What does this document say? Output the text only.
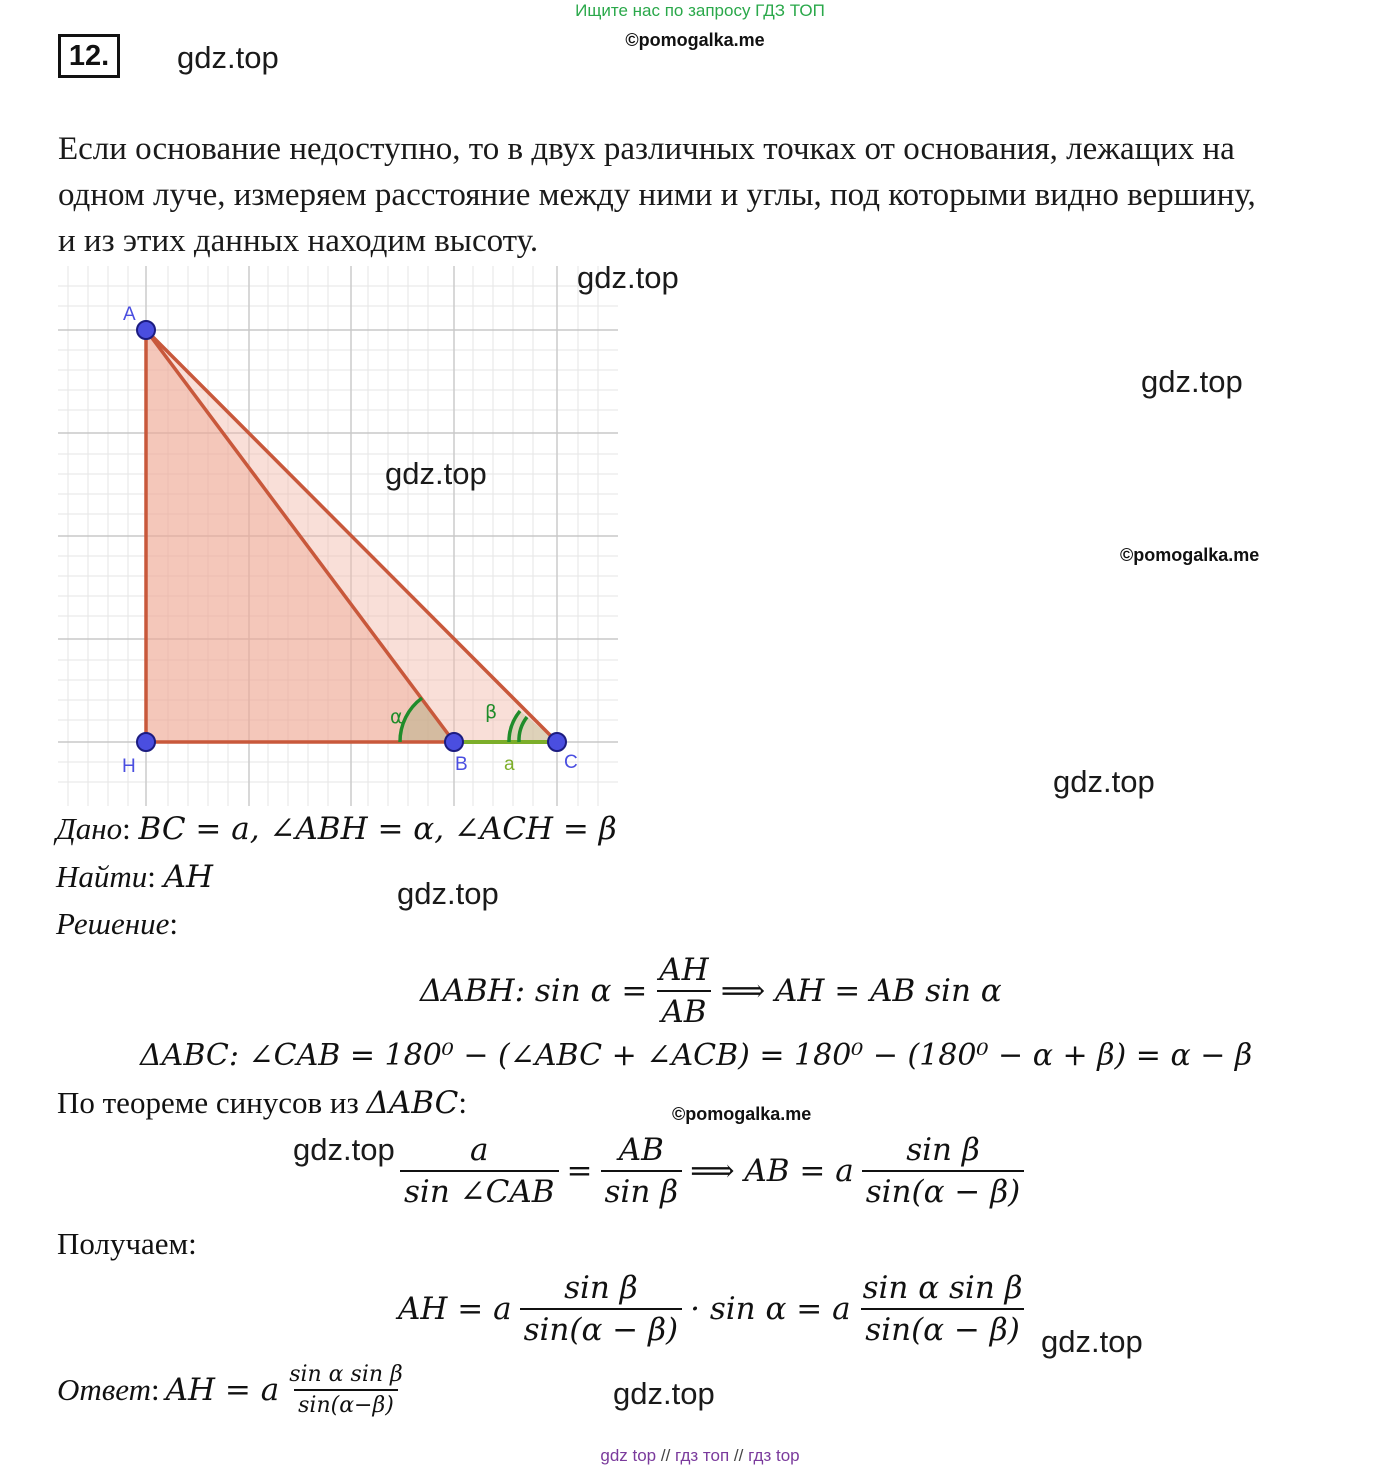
Ищите нас по запросу ГДЗ ТОП
©pomogalka.me
12.	gdz.top
Если основание недоступно, то в двух различных точках от основания, лежащих на
одном луче, измеряем расстояние между ними и углы, под которыми видно вершину,
и из этих данных находим высоту.
A
H	B	C
α	β
a
gdz.top
gdz.top
gdz.top
©pomogalka.me
gdz.top
Дано: BC = a, ∠ABH = α, ∠ACH = β
Найти: AH	gdz.top
Решение:
ΔABH: $\sin \alpha = \frac{AH}{AB}$ ⟹ AH = AB sin α
ΔABC: ∠CAB = 180⁰ − (∠ABC + ∠ACB) = 180⁰ − (180⁰ − α + β) = α − β
По теореме синусов из ΔABC:	©pomogalka.me
$gdz.top \frac{a}{\text{sin ∠CAB}} = \frac{AB}{\text{sin β}}$ ⟹ AB = a $\frac{\text{sin β}}{\sin(\alpha - \beta)}$
Получаем:
AH = a $\frac{\text{sin β}}{\sin(\alpha - \beta)} \cdot \sin \alpha = a \frac{\text{sin α sin β}}{\sin(\alpha - \beta)} gdz.top$
Ответ: AH = a $\frac{\text{sin α sin β}}{\sin(\alpha-\beta)}$	gdz.top
gdz top // гдз топ // гдз top
